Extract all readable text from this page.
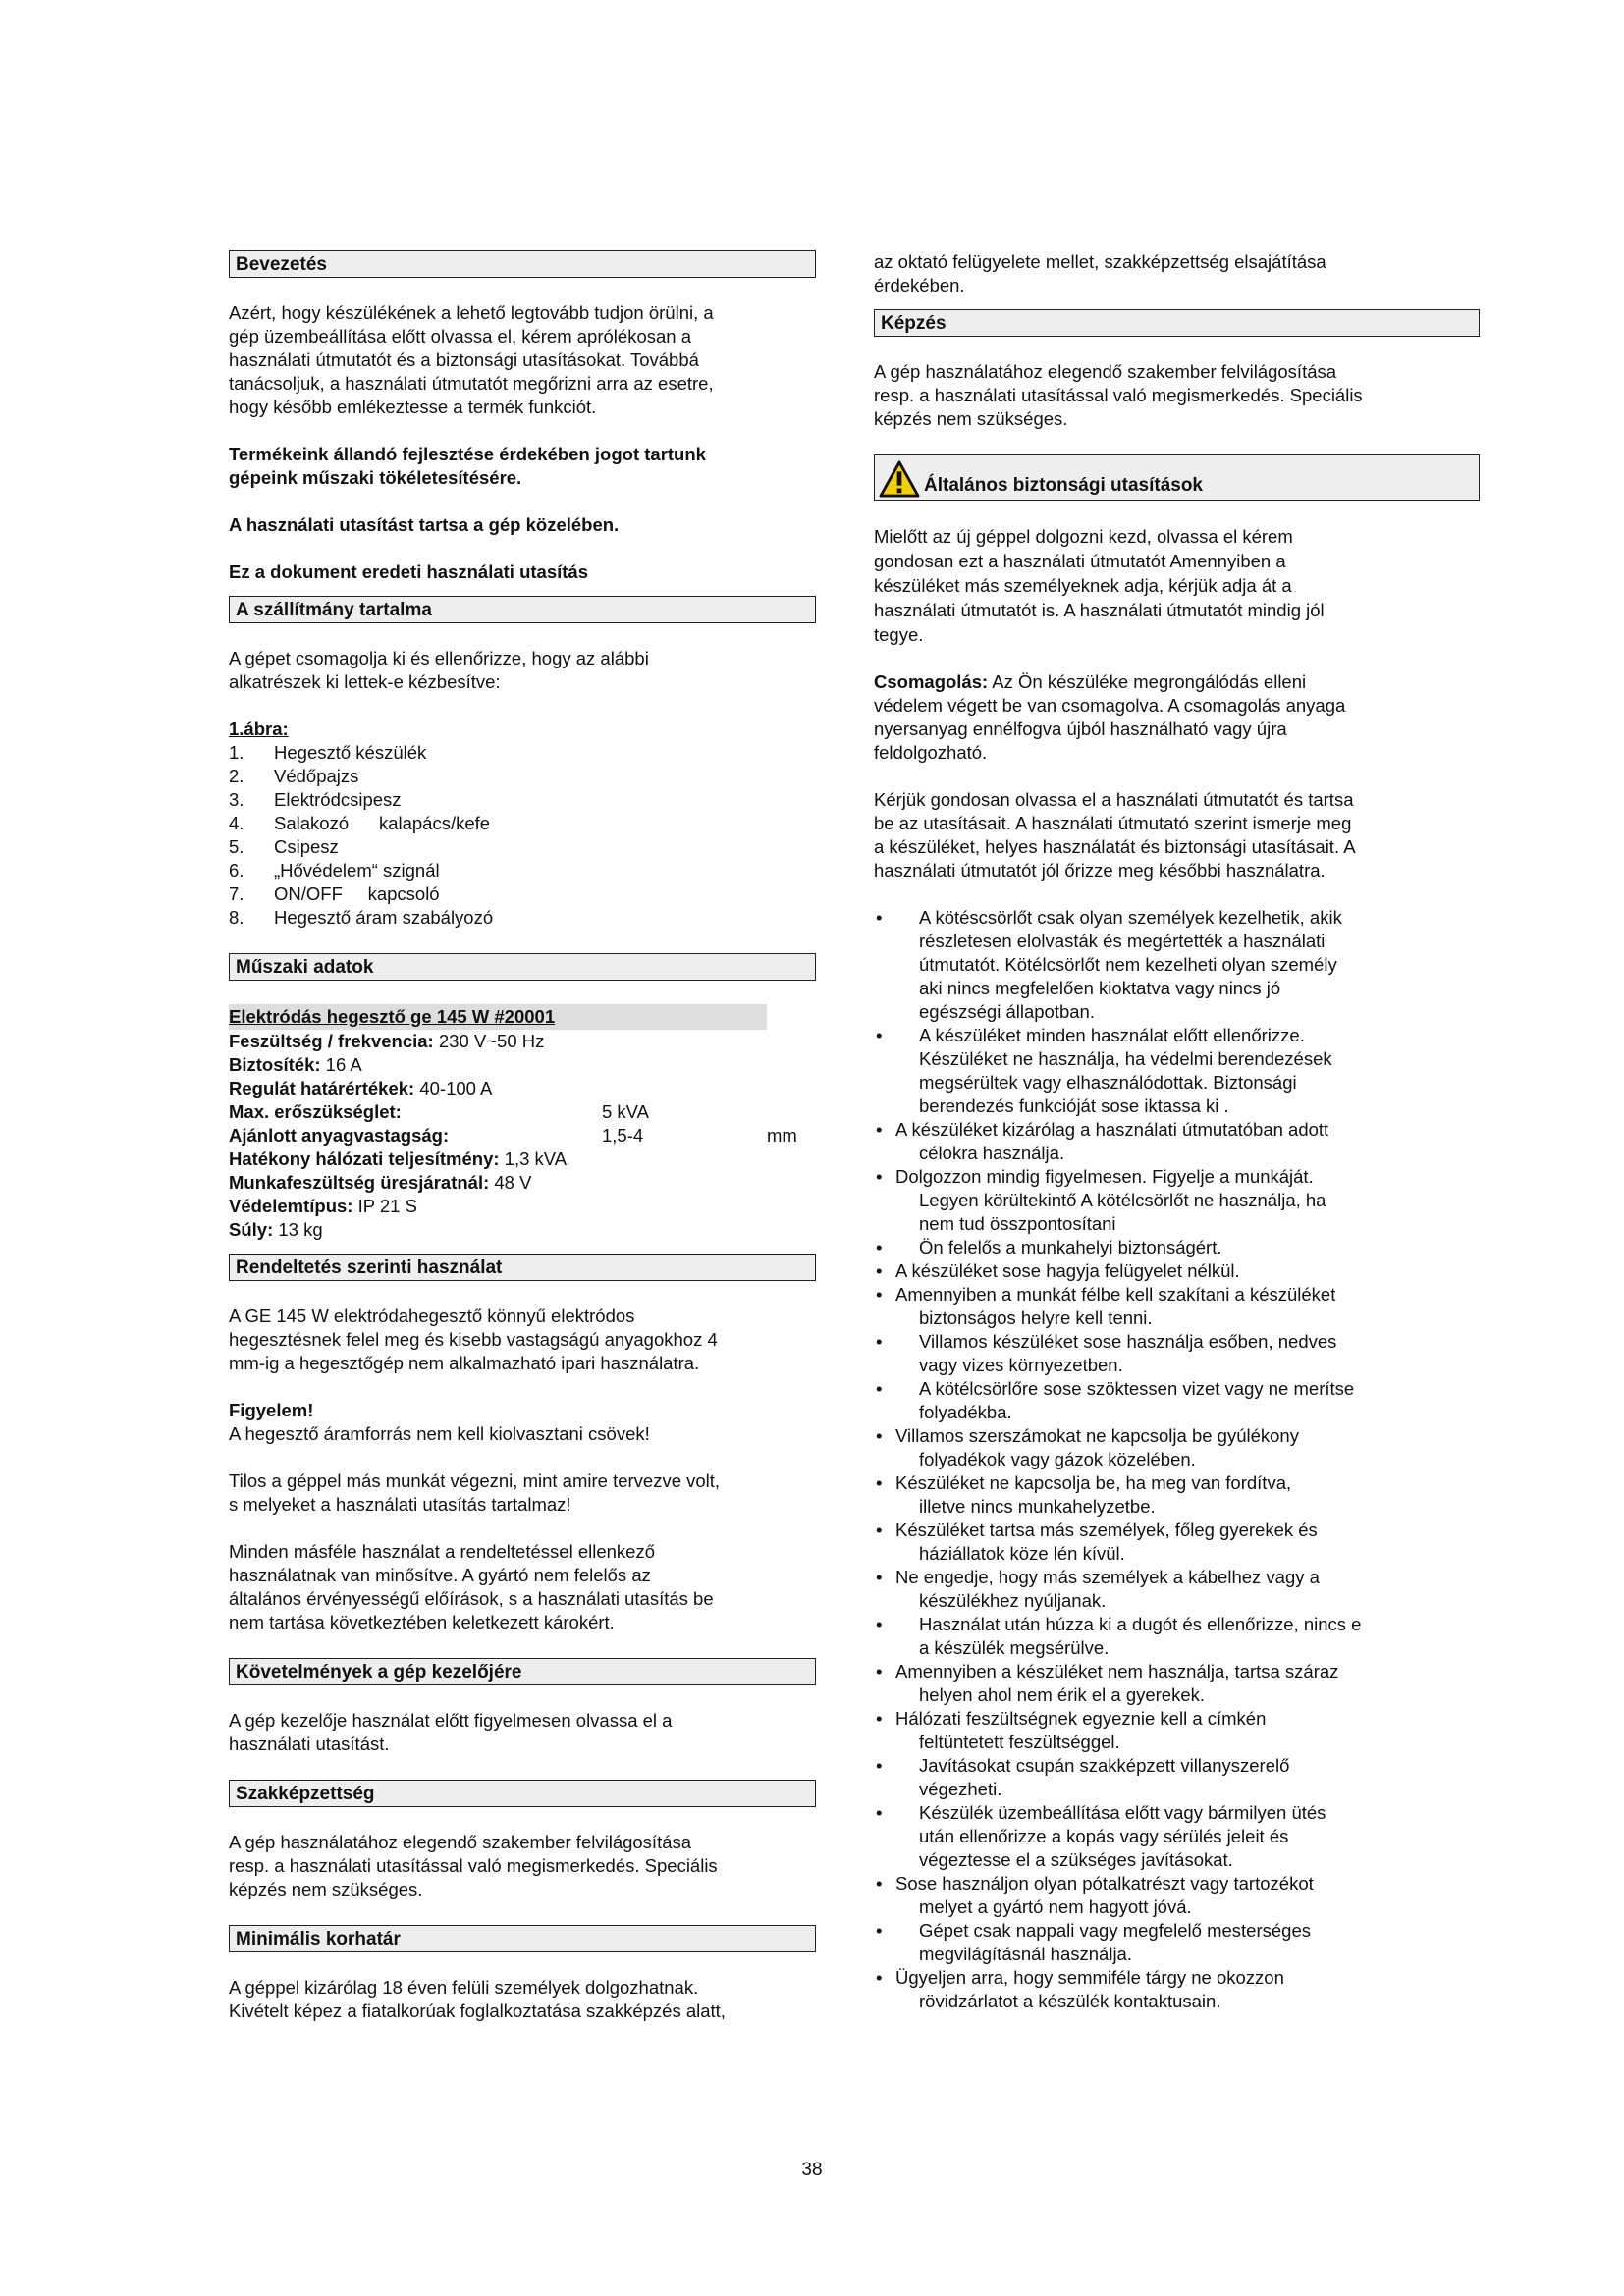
Bevezetés

Azért, hogy készülékének a lehető legtovább tudjon örülni, a
gép üzembeállítása előtt olvassa el, kérem aprólékosan a
használati útmutatót és a biztonsági utasításokat. Továbbá
tanácsoljuk, a használati útmutatót megőrizni arra az esetre,
hogy később emlékeztesse a termék funkciót.

Termékeink állandó fejlesztése érdekében jogot tartunk
gépeink műszaki tökéletesítésére.

A használati utasítást tartsa a gép közelében.

Ez a dokument eredeti használati utasítás

A szállítmány tartalma

A gépet csomagolja ki és ellenőrizze, hogy az alábbi
alkatrészek ki lettek-e kézbesítve:

1.ábra:

1.	Hegesztő készülék
2.	Védőpajzs
3.	Elektródcsipesz
4.	Salakozó      kalapács/kefe
5.	Csipesz
6.	„Hővédelem“ szignál
7.	ON/OFF     kapcsoló
8.	Hegesztő áram szabályozó
Műszaki adatok
Elektródás hegesztő ge 145 W #20001
Feszültség / frekvencia: 230 V~50 Hz
Biztosíték: 16 A
Regulát határértékek: 40-100 A
Max. erőszükséglet:	5 kVA
Ajánlott anyagvastagság:	1,5-4	mm
Hatékony hálózati teljesítmény: 1,3 kVA
Munkafeszültség üresjáratnál: 48 V
Védelemtípus: IP 21 S
Súly: 13 kg
Rendeltetés szerinti használat

A GE 145 W elektródahegesztő könnyű elektródos
hegesztésnek felel meg és kisebb vastagságú anyagokhoz 4
mm-ig a hegesztőgép nem alkalmazható ipari használatra.

Figyelem!

A hegesztő áramforrás nem kell kiolvasztani csövek!

Tilos a géppel más munkát végezni, mint amire tervezve volt,
s melyeket a használati utasítás tartalmaz!

Minden másféle használat a rendeltetéssel ellenkező
használatnak van minősítve. A gyártó nem felelős az
általános érvényességű előírások, s a használati utasítás be
nem tartása következtében keletkezett károkért.

Követelmények a gép kezelőjére

A gép kezelője használat előtt figyelmesen olvassa el a
használati utasítást.

Szakképzettség

A gép használatához elegendő szakember felvilágosítása
resp. a használati utasítással való megismerkedés. Speciális
képzés nem szükséges.

Minimális korhatár

A géppel kizárólag 18 éven felüli személyek dolgozhatnak.
Kivételt képez a fiatalkorúak foglalkoztatása szakképzés alatt,

az oktató felügyelete mellet, szakképzettség elsajátítása
érdekében.

Képzés

A gép használatához elegendő szakember felvilágosítása
resp. a használati utasítással való megismerkedés. Speciális
képzés nem szükséges.

Általános biztonsági utasítások

Mielőtt az új géppel dolgozni kezd, olvassa el kérem
gondosan ezt a használati útmutatót Amennyiben a
készüléket más személyeknek adja, kérjük adja át a
használati útmutatót is. A használati útmutatót mindig jól
tegye.

Csomagolás: Az Ön készüléke megrongálódás elleni
védelem végett be van csomagolva. A csomagolás anyaga
nyersanyag ennélfogva újból használható vagy újra
feldolgozható.

Kérjük gondosan olvassa el a használati útmutatót és tartsa
be az utasításait. A használati útmutató szerint ismerje meg
a készüléket, helyes használatát és biztonsági utasításait. A
használati útmutatót jól őrizze meg későbbi használatra.

• A kötéscsörlőt csak olyan személyek kezelhetik, akik
részletesen elolvasták és megértették a használati
útmutatót. Kötélcsörlőt nem kezelheti olyan személy
aki nincs megfelelően kioktatva vagy nincs jó
egészségi állapotban.
• A készüléket minden használat előtt ellenőrizze.
Készüléket ne használja, ha védelmi berendezések
megsérültek vagy elhasználódottak. Biztonsági
berendezés funkcióját sose iktassa ki .
• A készüléket kizárólag a használati útmutatóban adott
célokra használja.
• Dolgozzon mindig figyelmesen. Figyelje a munkáját.
Legyen körültekintő A kötélcsörlőt ne használja, ha
nem tud összpontosítani
• Ön felelős a munkahelyi biztonságért.
• A készüléket sose hagyja felügyelet nélkül.
• Amennyiben a munkát félbe kell szakítani a készüléket
biztonságos helyre kell tenni.
• Villamos készüléket sose használja esőben, nedves
vagy vizes környezetben.
• A kötélcsörlőre sose szöktessen vizet vagy ne merítse
folyadékba.
• Villamos szerszámokat ne kapcsolja be gyúlékony
folyadékok vagy gázok közelében.
• Készüléket ne kapcsolja be, ha meg van fordítva,
illetve nincs munkahelyzetbe.
• Készüléket tartsa más személyek, főleg gyerekek és
háziállatok köze lén kívül.
• Ne engedje, hogy más személyek a kábelhez vagy a
készülékhez nyúljanak.
• Használat után húzza ki a dugót és ellenőrizze, nincs e
a készülék megsérülve.
• Amennyiben a készüléket nem használja, tartsa száraz
helyen ahol nem érik el a gyerekek.
• Hálózati feszültségnek egyeznie kell a címkén
feltüntetett feszültséggel.
• Javításokat csupán szakképzett villanyszerelő
végezheti.
• Készülék üzembeállítása előtt vagy bármilyen ütés
után ellenőrizze a kopás vagy sérülés jeleit és
végeztesse el a szükséges javításokat.
• Sose használjon olyan pótalkatrészt vagy tartozékot
melyet a gyártó nem hagyott jóvá.
• Gépet csak nappali vagy megfelelő mesterséges
megvilágításnál használja.
• Ügyeljen arra, hogy semmiféle tárgy ne okozzon
rövidzárlatot a készülék kontaktusain.
38
